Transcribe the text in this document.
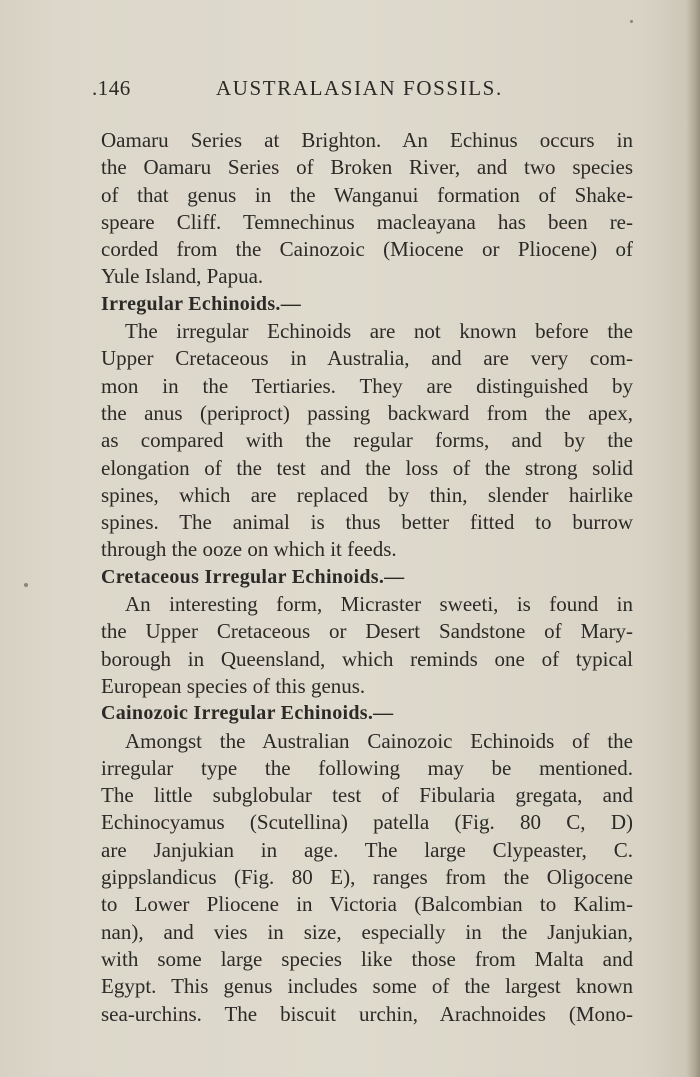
.146	AUSTRALASIAN FOSSILS.
Oamaru Series at Brighton. An Echinus occurs in
the Oamaru Series of Broken River, and two species
of that genus in the Wanganui formation of Shake-
speare Cliff. Temnechinus macleayana has been re-
corded from the Cainozoic (Miocene or Pliocene) of
Yule Island, Papua.
Irregular Echinoids.—
The irregular Echinoids are not known before the
Upper Cretaceous in Australia, and are very com-
mon in the Tertiaries. They are distinguished by
the anus (periproct) passing backward from the apex,
as compared with the regular forms, and by the
elongation of the test and the loss of the strong solid
spines, which are replaced by thin, slender hairlike
spines. The animal is thus better fitted to burrow
through the ooze on which it feeds.
Cretaceous Irregular Echinoids.—
An interesting form, Micraster sweeti, is found in
the Upper Cretaceous or Desert Sandstone of Mary-
borough in Queensland, which reminds one of typical
European species of this genus.
Cainozoic Irregular Echinoids.—
Amongst the Australian Cainozoic Echinoids of the
irregular type the following may be mentioned.
The little subglobular test of Fibularia gregata, and
Echinocyamus (Scutellina) patella (Fig. 80 C, D)
are Janjukian in age. The large Clypeaster, C.
gippslandicus (Fig. 80 E), ranges from the Oligocene
to Lower Pliocene in Victoria (Balcombian to Kalim-
nan), and vies in size, especially in the Janjukian,
with some large species like those from Malta and
Egypt. This genus includes some of the largest known
sea-urchins. The biscuit urchin, Arachnoides (Mono-
